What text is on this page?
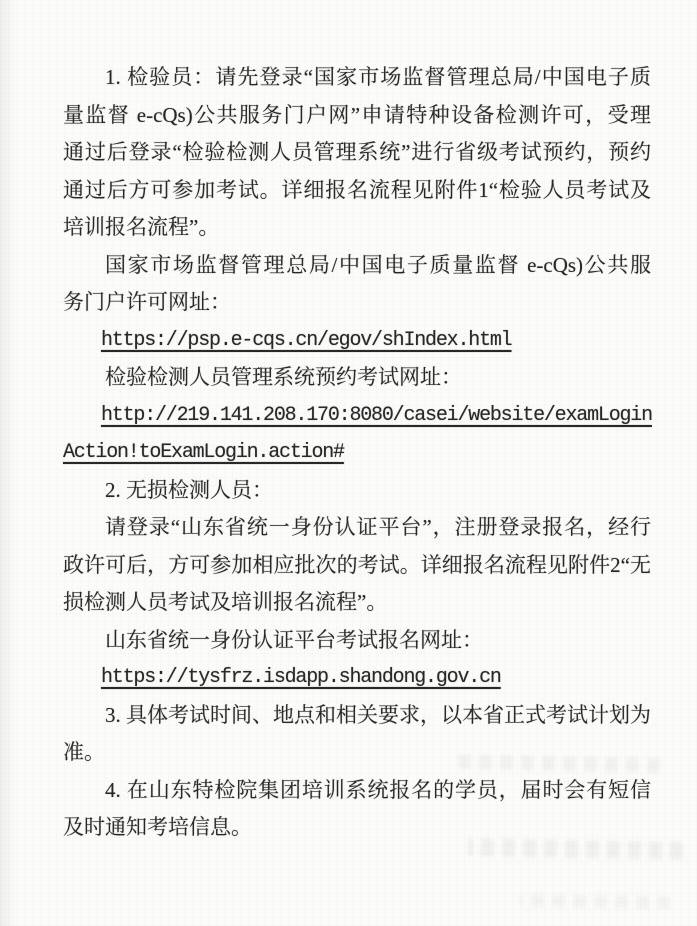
1. 检验员：请先登录“国家市场监督管理总局/中国电子质
量监督 e-cQs)公共服务门户网”申请特种设备检测许可，受理
通过后登录“检验检测人员管理系统”进行省级考试预约，预约
通过后方可参加考试。详细报名流程见附件1“检验人员考试及
培训报名流程”。
国家市场监督管理总局/中国电子质量监督 e-cQs)公共服
务门户许可网址：
https://psp.e-cqs.cn/egov/shIndex.html
检验检测人员管理系统预约考试网址：
http://219.141.208.170:8080/casei/website/examLogin
Action!toExamLogin.action#
2. 无损检测人员：
请登录“山东省统一身份认证平台”，注册登录报名，经行
政许可后，方可参加相应批次的考试。详细报名流程见附件2“无
损检测人员考试及培训报名流程”。
山东省统一身份认证平台考试报名网址：
https://tysfrz.isdapp.shandong.gov.cn
3. 具体考试时间、地点和相关要求，以本省正式考试计划为
准。
4. 在山东特检院集团培训系统报名的学员，届时会有短信
及时通知考培信息。
